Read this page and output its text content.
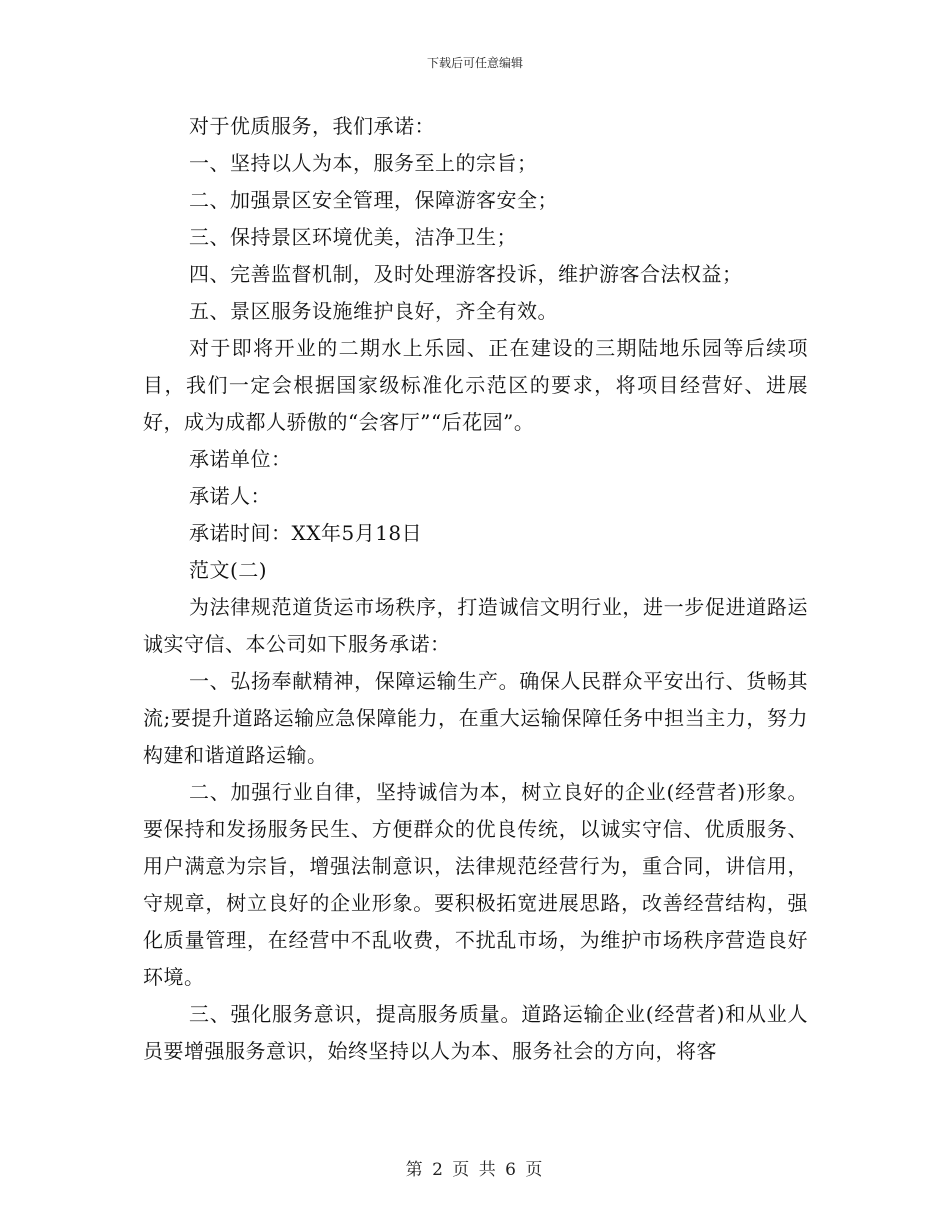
下载后可任意编辑

对于优质服务，我们承诺：

一、坚持以人为本，服务至上的宗旨；

二、加强景区安全管理，保障游客安全；

三、保持景区环境优美，洁净卫生；

四、完善监督机制，及时处理游客投诉，维护游客合法权益；

五、景区服务设施维护良好，齐全有效。

对于即将开业的二期水上乐园、正在建设的三期陆地乐园等后续项目，我们一定会根据国家级标准化示范区的要求，将项目经营好、进展好，成为成都人骄傲的“会客厅”“后花园”。

承诺单位：

承诺人：

承诺时间：XX年5月18日

范文(二)

为法律规范道货运市场秩序，打造诚信文明行业，进一步促进道路运诚实守信、本公司如下服务承诺：

一、弘扬奉献精神，保障运输生产。确保人民群众平安出行、货畅其流;要提升道路运输应急保障能力，在重大运输保障任务中担当主力，努力构建和谐道路运输。

二、加强行业自律，坚持诚信为本，树立良好的企业(经营者)形象。要保持和发扬服务民生、方便群众的优良传统，以诚实守信、优质服务、用户满意为宗旨，增强法制意识，法律规范经营行为，重合同，讲信用，守规章，树立良好的企业形象。要积极拓宽进展思路，改善经营结构，强化质量管理，在经营中不乱收费，不扰乱市场，为维护市场秩序营造良好环境。

三、强化服务意识，提高服务质量。道路运输企业(经营者)和从业人员要增强服务意识，始终坚持以人为本、服务社会的方向，将客

第 2 页 共 6 页
